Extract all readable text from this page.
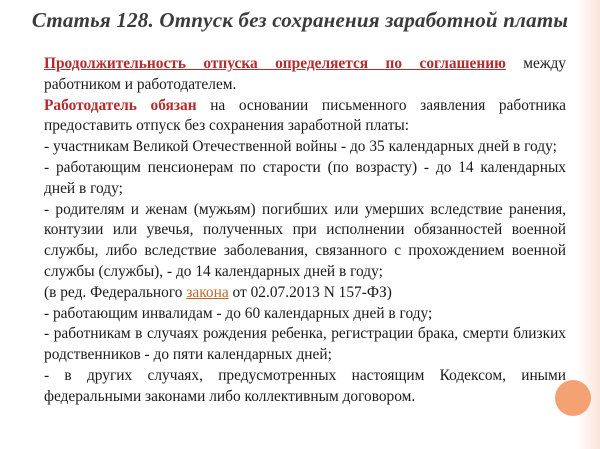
Статья 128. Отпуск без сохранения заработной платы

Продолжительность отпуска определяется по соглашению между работником и работодателем.

Работодатель обязан на основании письменного заявления работника предоставить отпуск без сохранения заработной платы:

- участникам Великой Отечественной войны - до 35 календарных дней в году;

- работающим пенсионерам по старости (по возрасту) - до 14 календарных дней в году;

- родителям и женам (мужьям) погибших или умерших вследствие ранения, контузии или увечья, полученных при исполнении обязанностей военной службы, либо вследствие заболевания, связанного с прохождением военной службы (службы), - до 14 календарных дней в году;

(в ред. Федерального закона от 02.07.2013 N 157-ФЗ)

- работающим инвалидам - до 60 календарных дней в году;

- работникам в случаях рождения ребенка, регистрации брака, смерти близких родственников - до пяти календарных дней;

- в других случаях, предусмотренных настоящим Кодексом, иными федеральными законами либо коллективным договором.
